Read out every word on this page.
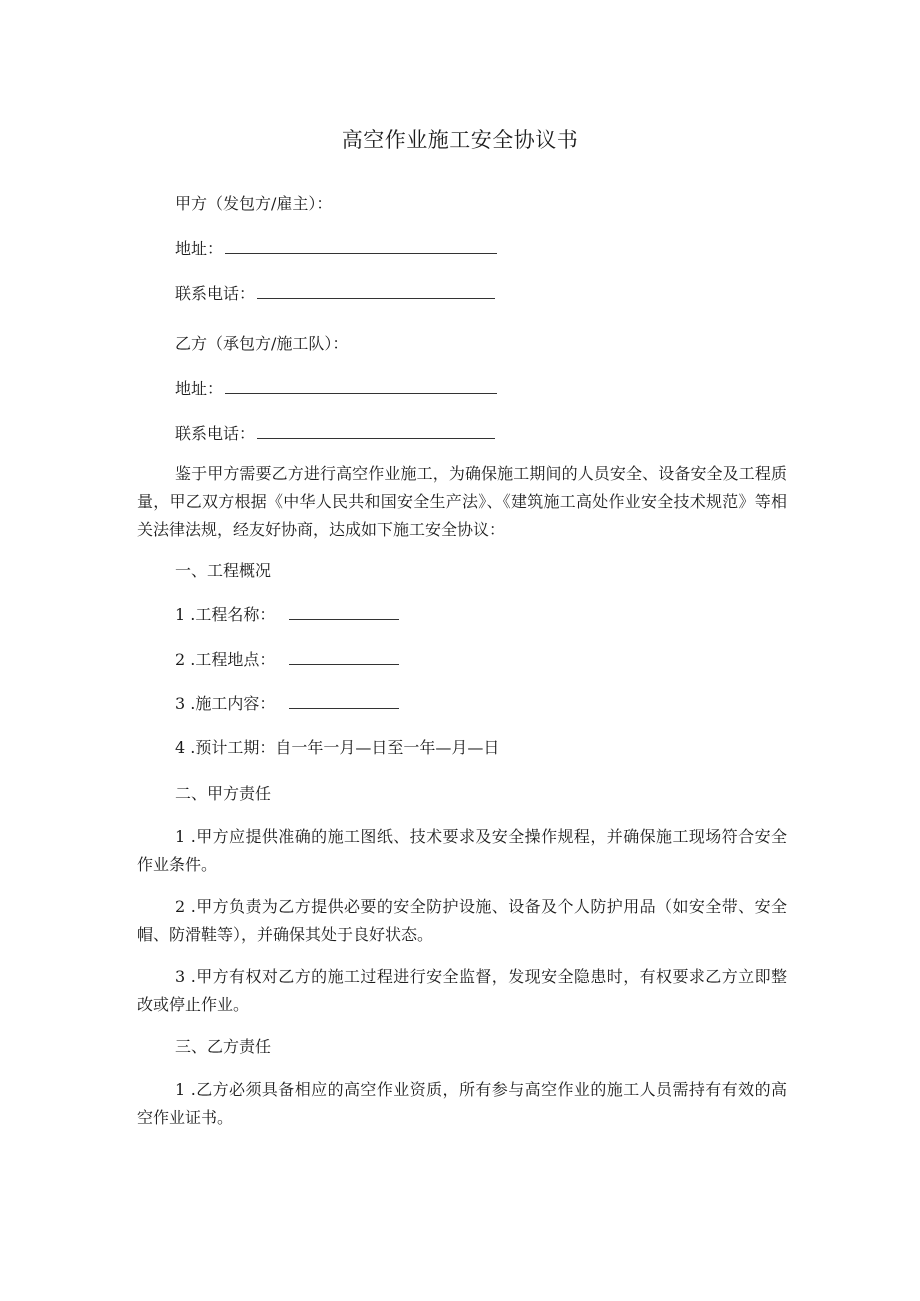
高空作业施工安全协议书
甲方（发包方/雇主）：
地址：
联系电话：
乙方（承包方/施工队）：
地址：
联系电话：
鉴于甲方需要乙方进行高空作业施工，为确保施工期间的人员安全、设备安全及工程质量，甲乙双方根据《中华人民共和国安全生产法》、《建筑施工高处作业安全技术规范》等相关法律法规，经友好协商，达成如下施工安全协议：
一、工程概况
1 .工程名称：
2 .工程地点：
3 .施工内容：
4 .预计工期：自一年一月—日至一年—月—日
二、甲方责任
1 .甲方应提供准确的施工图纸、技术要求及安全操作规程，并确保施工现场符合安全作业条件。
2 .甲方负责为乙方提供必要的安全防护设施、设备及个人防护用品（如安全带、安全帽、防滑鞋等），并确保其处于良好状态。
3 .甲方有权对乙方的施工过程进行安全监督，发现安全隐患时，有权要求乙方立即整改或停止作业。
三、乙方责任
1 .乙方必须具备相应的高空作业资质，所有参与高空作业的施工人员需持有有效的高空作业证书。
